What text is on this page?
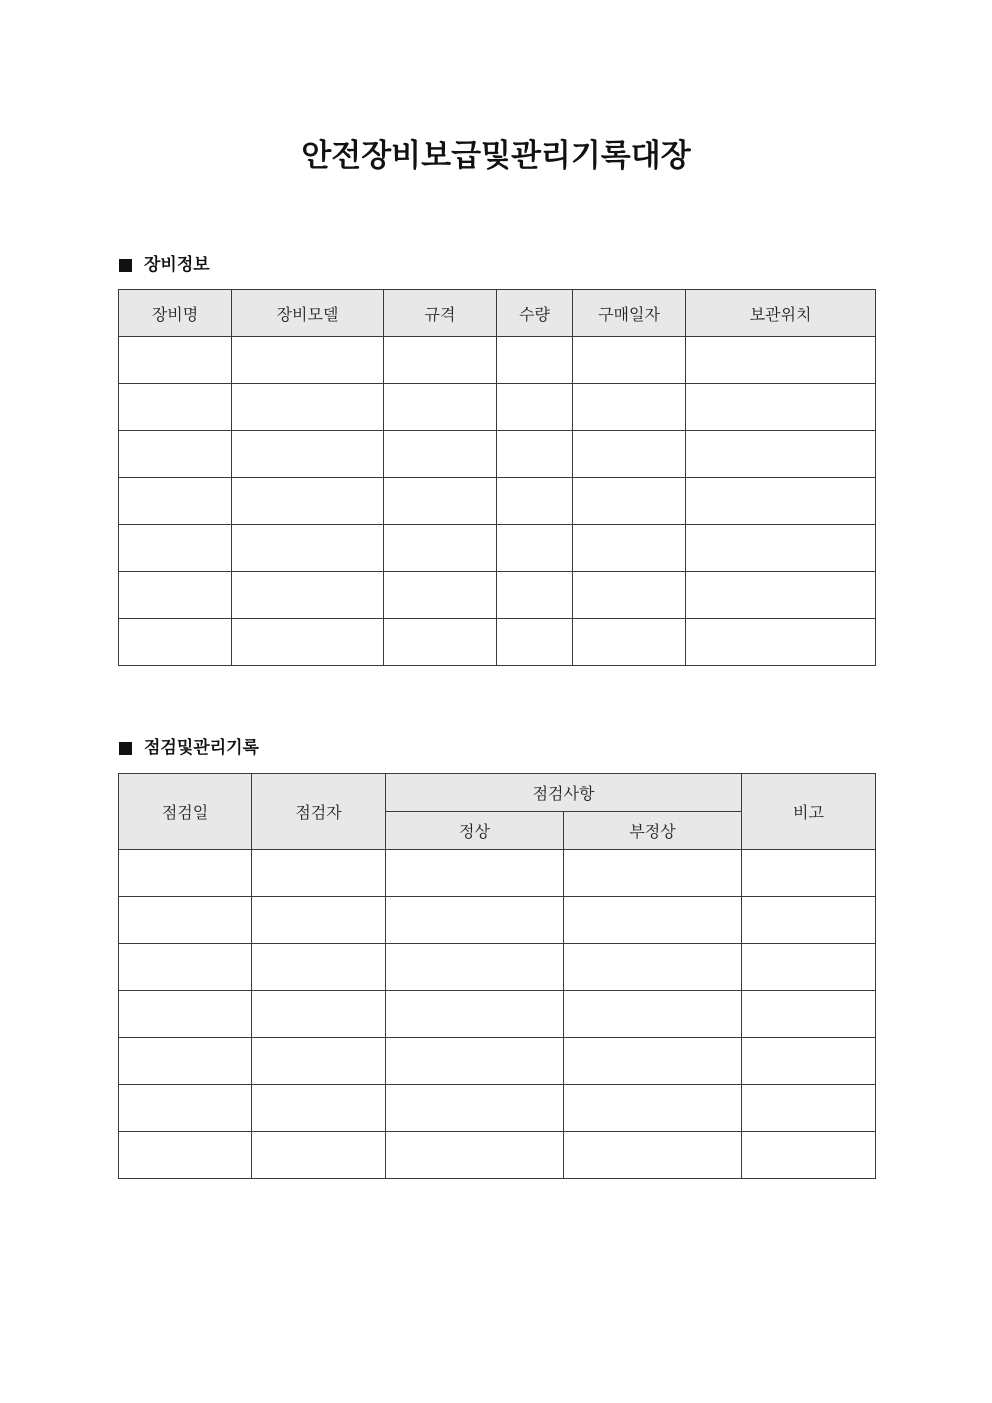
안전장비보급및관리기록대장
장비정보
장비명	장비모델	규격	수량	구매일자	보관위치

점검및관리기록
점검일	점검자	점검사항		비고
		정상	부정상	
